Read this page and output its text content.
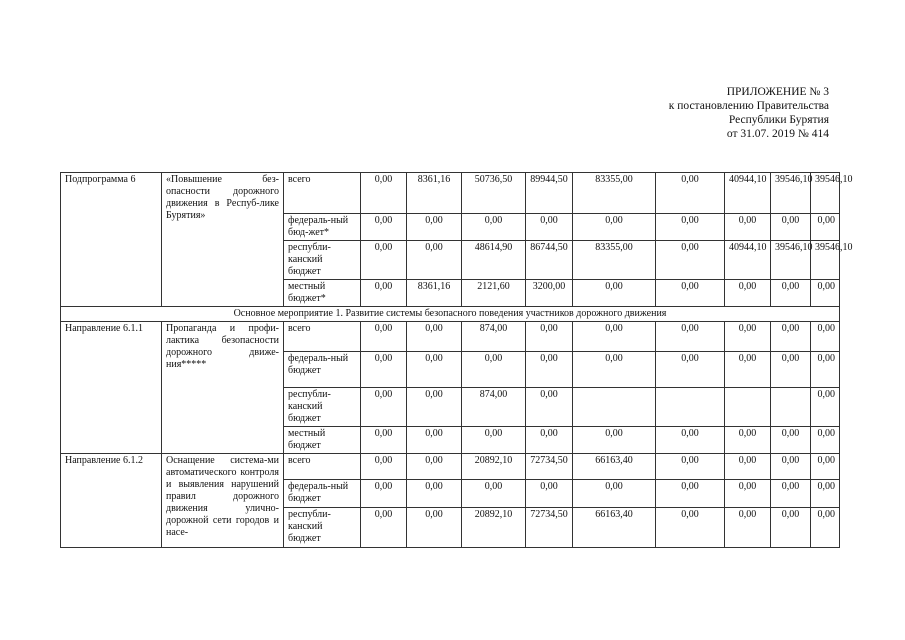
ПРИЛОЖЕНИЕ № 3
к постановлению Правительства
Республики Бурятия
от 31.07. 2019 № 414
Подпрограмма 6	«Повышение без-опасности дорожного движения в Респуб-лике Бурятия»	всего	0,00	8361,16	50736,50	89944,50	83355,00	0,00	40944,10	39546,10	39546,10
		федераль-ный бюд-жет*	0,00	0,00	0,00	0,00	0,00	0,00	0,00	0,00	0,00
		республи-канский бюджет	0,00	0,00	48614,90	86744,50	83355,00	0,00	40944,10	39546,10	39546,10
		местный бюджет*	0,00	8361,16	2121,60	3200,00	0,00	0,00	0,00	0,00	0,00
Основное мероприятие 1. Развитие системы безопасного поведения участников дорожного движения											
Направление 6.1.1	Пропаганда и профи-лактика безопасности дорожного движе-ния*****	всего	0,00	0,00	874,00	0,00	0,00	0,00	0,00	0,00	0,00
		федераль-ный бюджет	0,00	0,00	0,00	0,00	0,00	0,00	0,00	0,00	0,00
		республи-канский бюджет	0,00	0,00	874,00	0,00					0,00
		местный бюджет	0,00	0,00	0,00	0,00	0,00	0,00	0,00	0,00	0,00
Направление 6.1.2	Оснащение система-ми автоматического контроля и выявления нарушений правил дорожного движения улично-дорожной сети городов и насе-	всего	0,00	0,00	20892,10	72734,50	66163,40	0,00	0,00	0,00	0,00
		федераль-ный бюджет	0,00	0,00	0,00	0,00	0,00	0,00	0,00	0,00	0,00
		республи-канский бюджет	0,00	0,00	20892,10	72734,50	66163,40	0,00	0,00	0,00	0,00
